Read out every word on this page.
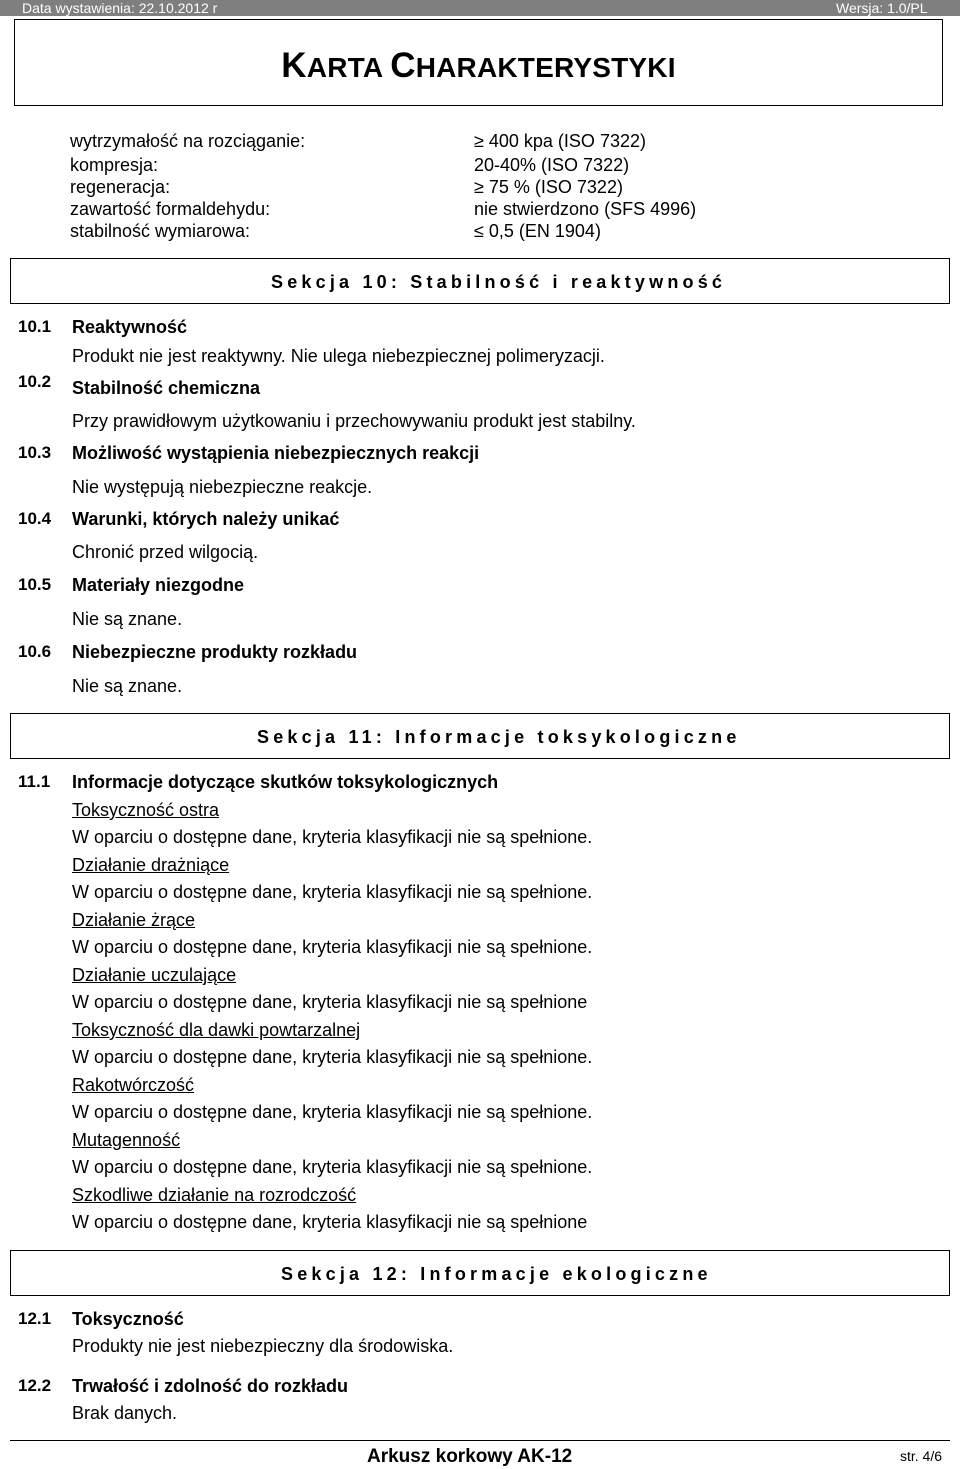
Data wystawienia: 22.10.2012 r	Wersja: 1.0/PL
KARTA CHARAKTERYSTYKI
wytrzymałość na rozciąganie:	≥ 400 kpa (ISO 7322)
kompresja:	20-40% (ISO 7322)
regeneracja:	≥ 75 % (ISO 7322)
zawartość formaldehydu:	nie stwierdzono (SFS 4996)
stabilność wymiarowa:	≤ 0,5 (EN 1904)
Sekcja 10: Stabilność i reaktywność
10.1 Reaktywność
Produkt nie jest reaktywny. Nie ulega niebezpiecznej polimeryzacji.
10.2 Stabilność chemiczna
Przy prawidłowym użytkowaniu i przechowywaniu produkt jest stabilny.
10.3 Możliwość wystąpienia niebezpiecznych reakcji
Nie występują niebezpieczne reakcje.
10.4 Warunki, których należy unikać
Chronić przed wilgocią.
10.5 Materiały niezgodne
Nie są znane.
10.6 Niebezpieczne produkty rozkładu
Nie są znane.
Sekcja 11: Informacje toksykologiczne
11.1 Informacje dotyczące skutków toksykologicznych
Toksyczność ostra
W oparciu o dostępne dane, kryteria klasyfikacji nie są spełnione.
Działanie drażniące
W oparciu o dostępne dane, kryteria klasyfikacji nie są spełnione.
Działanie żrące
W oparciu o dostępne dane, kryteria klasyfikacji nie są spełnione.
Działanie uczulające
W oparciu o dostępne dane, kryteria klasyfikacji nie są spełnione
Toksyczność dla dawki powtarzalnej
W oparciu o dostępne dane, kryteria klasyfikacji nie są spełnione.
Rakotwórczość
W oparciu o dostępne dane, kryteria klasyfikacji nie są spełnione.
Mutagenność
W oparciu o dostępne dane, kryteria klasyfikacji nie są spełnione.
Szkodliwe działanie na rozrodczość
W oparciu o dostępne dane, kryteria klasyfikacji nie są spełnione
Sekcja 12: Informacje ekologiczne
12.1 Toksyczność
Produkty nie jest niebezpieczny dla środowiska.
12.2 Trwałość i zdolność do rozkładu
Brak danych.
Arkusz korkowy AK-12	str. 4/6
